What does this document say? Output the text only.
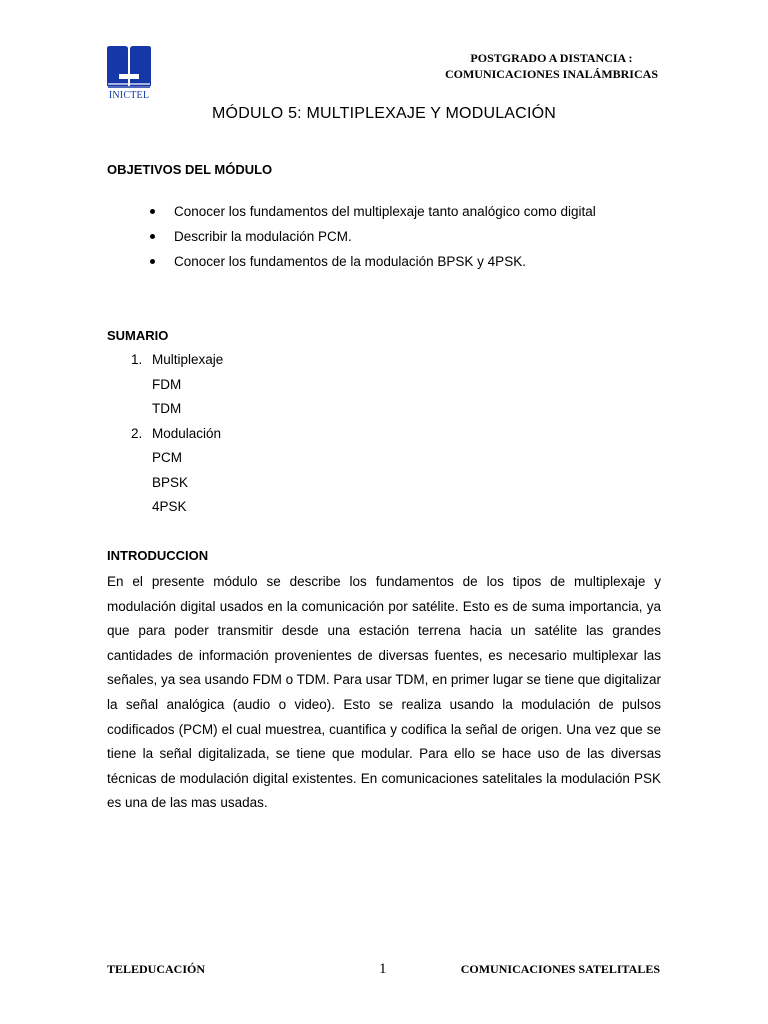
INICTEL
POSTGRADO A DISTANCIA :
COMUNICACIONES INALÁMBRICAS
MÓDULO 5: MULTIPLEXAJE Y MODULACIÓN
OBJETIVOS DEL MÓDULO
Conocer los fundamentos del multiplexaje tanto analógico como digital
Describir la modulación PCM.
Conocer los fundamentos de la modulación BPSK y 4PSK.
SUMARIO
1. Multiplexaje
FDM
TDM
2. Modulación
PCM
BPSK
4PSK
INTRODUCCION

En el presente módulo se describe los fundamentos de los tipos de multiplexaje y modulación digital usados en la comunicación por satélite. Esto es de suma importancia, ya que para poder transmitir desde una estación terrena hacia un satélite las grandes cantidades de información provenientes de diversas fuentes, es necesario multiplexar las señales, ya sea usando FDM o TDM. Para usar TDM, en primer lugar se tiene que digitalizar la señal analógica (audio o video). Esto se realiza usando la modulación de pulsos codificados (PCM) el cual muestrea, cuantifica y codifica la señal de origen. Una vez que se tiene la señal digitalizada, se tiene que modular. Para ello se hace uso de las diversas técnicas de modulación digital existentes. En comunicaciones satelitales la modulación PSK es una de las mas usadas.

TELEDUCACIÓN	1	COMUNICACIONES SATELITALES
